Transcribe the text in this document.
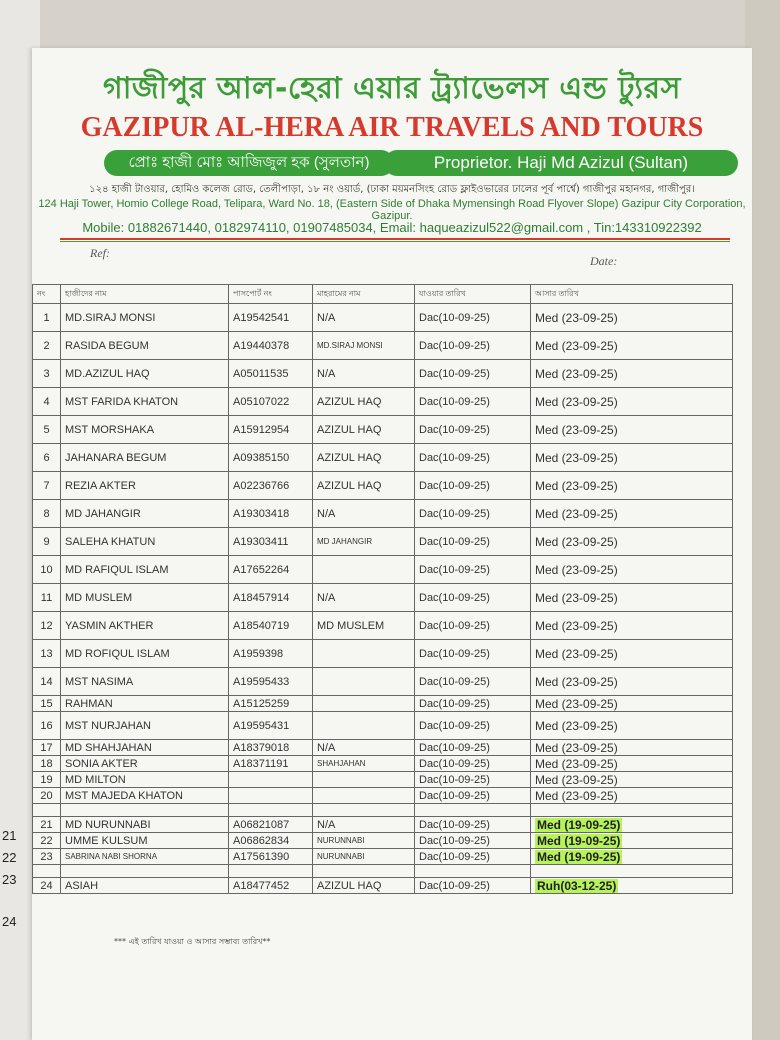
21
22
23
24
গাজীপুর আল-হেরা এয়ার ট্র্যাভেলস এন্ড ট্যুরস
GAZIPUR AL-HERA AIR TRAVELS AND TOURS
প্রোঃ হাজী মোঃ আজিজুল হক (সুলতান)	Proprietor. Haji Md Azizul (Sultan)
১২৪ হাজী টাওয়ার, হোমিও কলেজ রোড, তেলীপাড়া, ১৮ নং ওয়ার্ড, (ঢাকা ময়মনসিংহ রোড ফ্লাইওভারের ঢালের পূর্ব পার্শ্বে) গাজীপুর মহানগর, গাজীপুর।
124 Haji Tower, Homio College Road, Telipara, Ward No. 18, (Eastern Side of Dhaka Mymensingh Road Flyover Slope) Gazipur City Corporation, Gazipur.
Mobile: 01882671440, 0182974110, 01907485034, Email: haqueazizul522@gmail.com , Tin:143310922392
Ref:
Date:
নং	হাজীদের নাম	পাসপোর্ট নং	মাহরামের নাম	যাওয়ার তারিখ	আসার তারিখ
1	MD.SIRAJ MONSI	A19542541	N/A	Dac(10-09-25)	Med (23-09-25)
2	RASIDA BEGUM	A19440378	MD.SIRAJ MONSI	Dac(10-09-25)	Med (23-09-25)
3	MD.AZIZUL HAQ	A05011535	N/A	Dac(10-09-25)	Med (23-09-25)
4	MST FARIDA KHATON	A05107022	AZIZUL HAQ	Dac(10-09-25)	Med (23-09-25)
5	MST MORSHAKA	A15912954	AZIZUL HAQ	Dac(10-09-25)	Med (23-09-25)
6	JAHANARA BEGUM	A09385150	AZIZUL HAQ	Dac(10-09-25)	Med (23-09-25)
7	REZIA AKTER	A02236766	AZIZUL HAQ	Dac(10-09-25)	Med (23-09-25)
8	MD JAHANGIR	A19303418	N/A	Dac(10-09-25)	Med (23-09-25)
9	SALEHA KHATUN	A19303411	MD JAHANGIR	Dac(10-09-25)	Med (23-09-25)
10	MD RAFIQUL ISLAM	A17652264		Dac(10-09-25)	Med (23-09-25)
11	MD MUSLEM	A18457914	N/A	Dac(10-09-25)	Med (23-09-25)
12	YASMIN AKTHER	A18540719	MD MUSLEM	Dac(10-09-25)	Med (23-09-25)
13	MD ROFIQUL ISLAM	A1959398		Dac(10-09-25)	Med (23-09-25)
14	MST NASIMA	A19595433		Dac(10-09-25)	Med (23-09-25)
15	RAHMAN	A15125259		Dac(10-09-25)	Med (23-09-25)
16	MST NURJAHAN	A19595431		Dac(10-09-25)	Med (23-09-25)
17	MD SHAHJAHAN	A18379018	N/A	Dac(10-09-25)	Med (23-09-25)
18	SONIA AKTER	A18371191	SHAHJAHAN	Dac(10-09-25)	Med (23-09-25)
19	MD MILTON			Dac(10-09-25)	Med (23-09-25)
20	MST MAJEDA KHATON			Dac(10-09-25)	Med (23-09-25)

21	MD NURUNNABI	A06821087	N/A	Dac(10-09-25)	Med (19-09-25)
22	UMME KULSUM	A06862834	NURUNNABI	Dac(10-09-25)	Med (19-09-25)
23	SABRINA NABI SHORNA	A17561390	NURUNNABI	Dac(10-09-25)	Med (19-09-25)

24	ASIAH	A18477452	AZIZUL HAQ	Dac(10-09-25)	Ruh(03-12-25)
*** এই তারিখ যাওয়া ও আসার সম্ভাব্য তারিখ**
